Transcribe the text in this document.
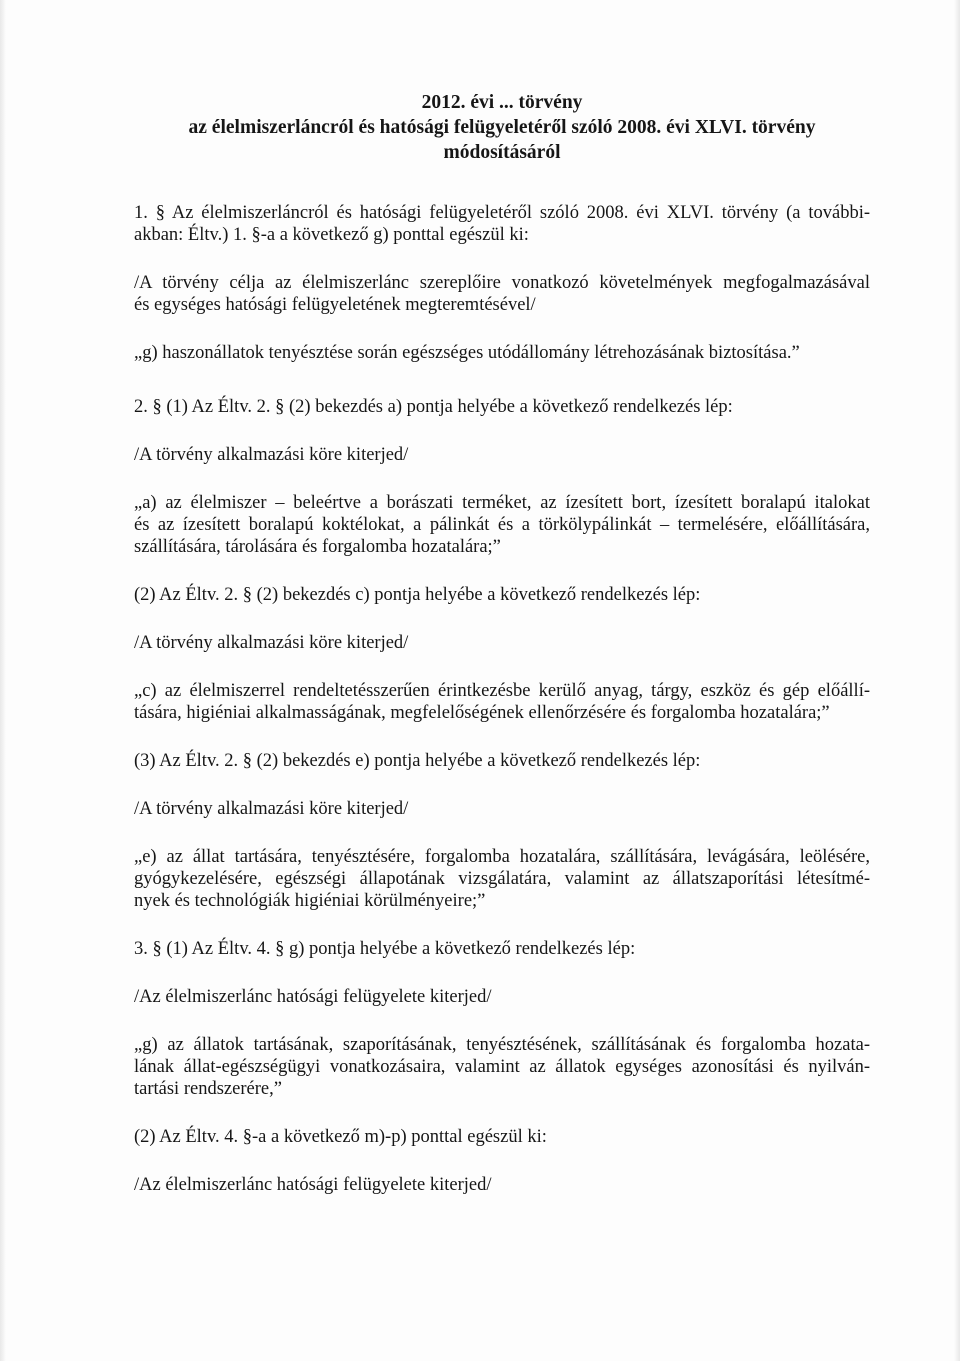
2012. évi ... törvény
az élelmiszerláncról és hatósági felügyeletéről szóló 2008. évi XLVI. törvény
módosításáról
1. § Az élelmiszerláncról és hatósági felügyeletéről szóló 2008. évi XLVI. törvény (a további-
akban: Éltv.) 1. §-a a következő g) ponttal egészül ki:
/A törvény célja az élelmiszerlánc szereplőire vonatkozó követelmények megfogalmazásával
és egységes hatósági felügyeletének megteremtésével/
„g) haszonállatok tenyésztése során egészséges utódállomány létrehozásának biztosítása.”
2. § (1) Az Éltv. 2. § (2) bekezdés a) pontja helyébe a következő rendelkezés lép:
/A törvény alkalmazási köre kiterjed/
„a) az élelmiszer – beleértve a borászati terméket, az ízesített bort, ízesített boralapú italokat
és az ízesített boralapú koktélokat, a pálinkát és a törkölypálinkát – termelésére, előállítására,
szállítására, tárolására és forgalomba hozatalára;”
(2) Az Éltv. 2. § (2) bekezdés c) pontja helyébe a következő rendelkezés lép:
/A törvény alkalmazási köre kiterjed/
„c) az élelmiszerrel rendeltetésszerűen érintkezésbe kerülő anyag, tárgy, eszköz és gép előállí-
tására, higiéniai alkalmasságának, megfelelőségének ellenőrzésére és forgalomba hozatalára;”
(3) Az Éltv. 2. § (2) bekezdés e) pontja helyébe a következő rendelkezés lép:
/A törvény alkalmazási köre kiterjed/
„e) az állat tartására, tenyésztésére, forgalomba hozatalára, szállítására, levágására, leölésére,
gyógykezelésére, egészségi állapotának vizsgálatára, valamint az állatszaporítási létesítmé-
nyek és technológiák higiéniai körülményeire;”
3. § (1) Az Éltv. 4. § g) pontja helyébe a következő rendelkezés lép:
/Az élelmiszerlánc hatósági felügyelete kiterjed/
„g) az állatok tartásának, szaporításának, tenyésztésének, szállításának és forgalomba hozata-
lának állat-egészségügyi vonatkozásaira, valamint az állatok egységes azonosítási és nyilván-
tartási rendszerére,”
(2) Az Éltv. 4. §-a a következő m)-p) ponttal egészül ki:
/Az élelmiszerlánc hatósági felügyelete kiterjed/
